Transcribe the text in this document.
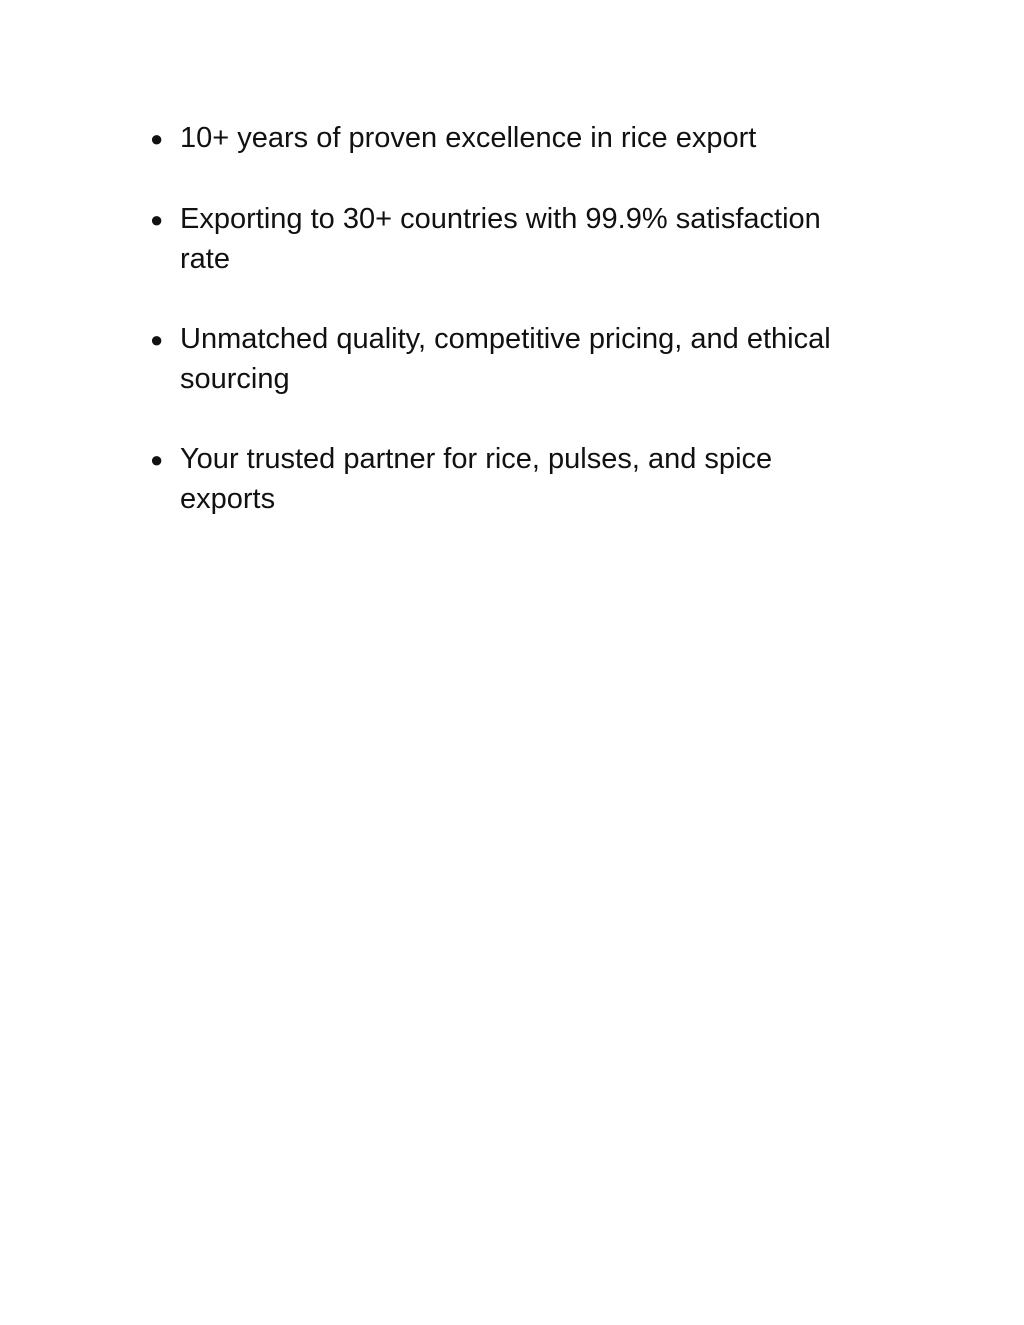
● 10+ years of proven excellence in rice export
● Exporting to 30+ countries with 99.9% satisfaction rate
● Unmatched quality, competitive pricing, and ethical sourcing
● Your trusted partner for rice, pulses, and spice exports
